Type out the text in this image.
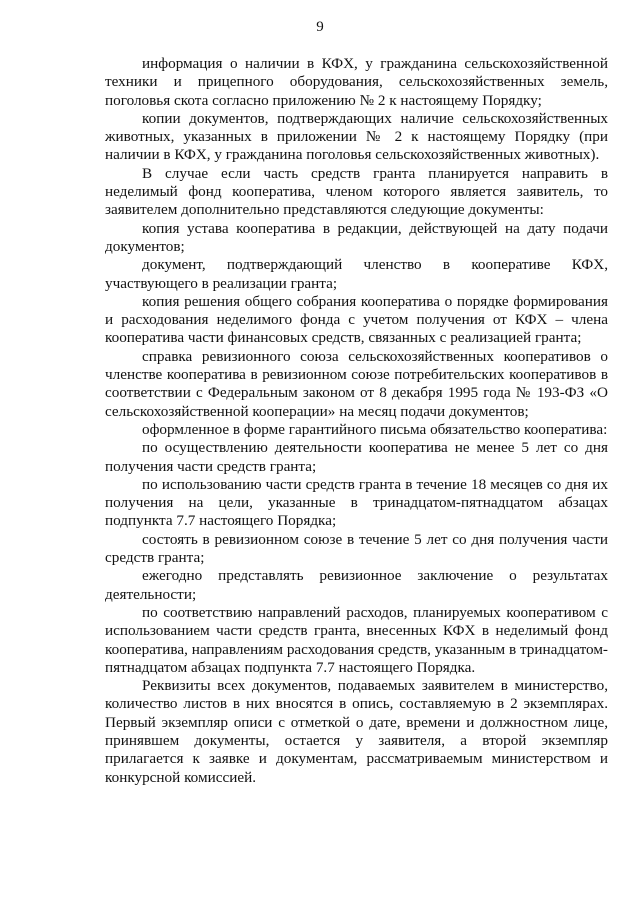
9

информация о наличии в КФХ, у гражданина сельскохозяйственной техники и прицепного оборудования, сельскохозяйственных земель, поголовья скота согласно приложению № 2 к настоящему Порядку;

копии документов, подтверждающих наличие сельскохозяйственных животных, указанных в приложении № 2 к настоящему Порядку (при наличии в КФХ, у гражданина поголовья сельскохозяйственных животных).

В случае если часть средств гранта планируется направить в неделимый фонд кооператива, членом которого является заявитель, то заявителем дополнительно представляются следующие документы:

копия устава кооператива в редакции, действующей на дату подачи документов;

документ, подтверждающий членство в кооперативе КФХ, участвующего в реализации гранта;

копия решения общего собрания кооператива о порядке формирования и расходования неделимого фонда с учетом получения от КФХ – члена кооператива части финансовых средств, связанных с реализацией гранта;

справка ревизионного союза сельскохозяйственных кооперативов о членстве кооператива в ревизионном союзе потребительских кооперативов в соответствии с Федеральным законом от 8 декабря 1995 года № 193-ФЗ «О сельскохозяйственной кооперации» на месяц подачи документов;

оформленное в форме гарантийного письма обязательство кооператива:

по осуществлению деятельности кооператива не менее 5 лет со дня получения части средств гранта;

по использованию части средств гранта в течение 18 месяцев со дня их получения на цели, указанные в тринадцатом-пятнадцатом абзацах подпункта 7.7 настоящего Порядка;

состоять в ревизионном союзе в течение 5 лет со дня получения части средств гранта;

ежегодно представлять ревизионное заключение о результатах деятельности;

по соответствию направлений расходов, планируемых кооперативом с использованием части средств гранта, внесенных КФХ в неделимый фонд кооператива, направлениям расходования средств, указанным в тринадцатом-пятнадцатом абзацах подпункта 7.7 настоящего Порядка.

Реквизиты всех документов, подаваемых заявителем в министерство, количество листов в них вносятся в опись, составляемую в 2 экземплярах. Первый экземпляр описи с отметкой о дате, времени и должностном лице, принявшем документы, остается у заявителя, а второй экземпляр прилагается к заявке и документам, рассматриваемым министерством и конкурсной комиссией.
